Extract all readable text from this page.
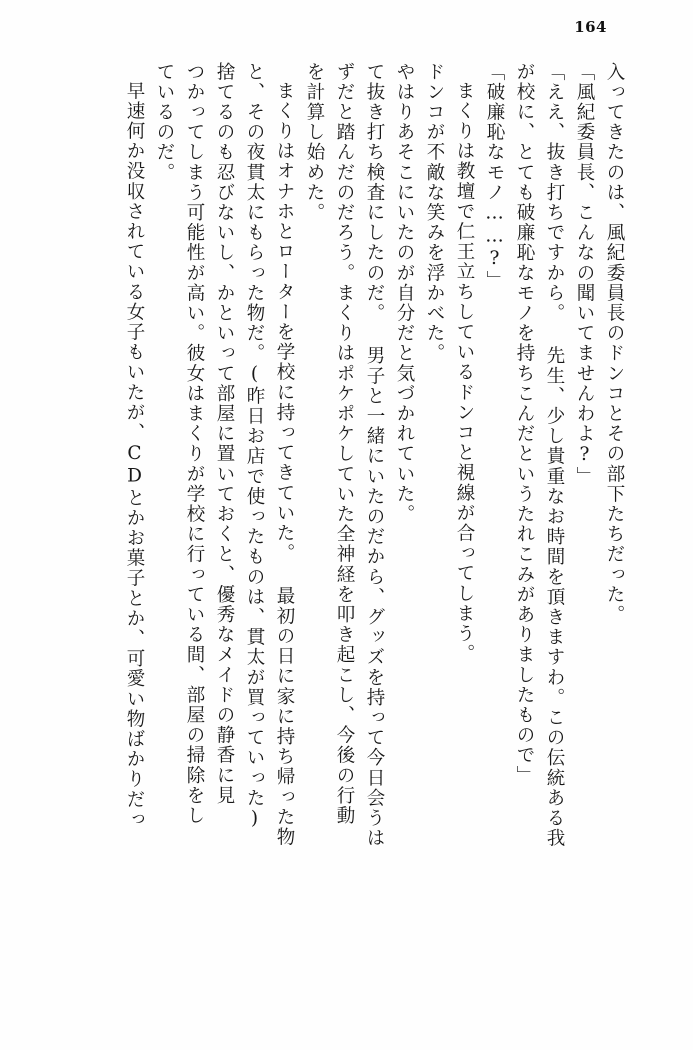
164
入ってきたのは、風紀委員長のドンコとその部下たちだった。
「風紀委員長、こんなの聞いてませんわよ?」
「ええ、抜き打ちですから。 先生、少し貴重なお時間を頂きますわ。この伝統ある我
が校に、とても破廉恥なモノを持ちこんだというたれこみがありましたもので」
「破廉恥なモノ……?」
まくりは教壇で仁王立ちしているドンコと視線が合ってしまう。
ドンコが不敵な笑みを浮かべた。
やはりあそこにいたのが自分だと気づかれていた。
て抜き打ち検査にしたのだ。 男子と一緒にいたのだから、グッズを持って今日会うは
ずだと踏んだのだろう。まくりはポケポケしていた全神経を叩き起こし、今後の行動
を計算し始めた。
まくりはオナホとローターを学校に持ってきていた。 最初の日に家に持ち帰った物
と、その夜貫太にもらった物だ。(昨日お店で使ったものは、貫太が買っていった)
捨てるのも忍びないし、かといって部屋に置いておくと、優秀なメイドの静香に見
つかってしまう可能性が高い。彼女はまくりが学校に行っている間、部屋の掃除をし
ているのだ。
早速何か没収されている女子もいたが、CDとかお菓子とか、可愛い物ばかりだっ
